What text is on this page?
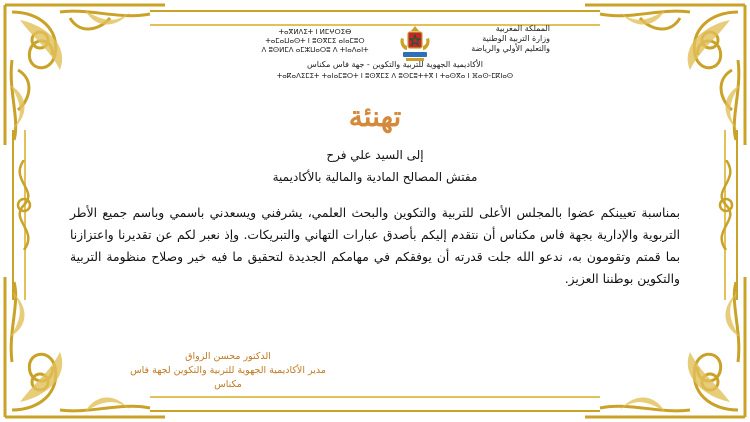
ⵜⴰⴳⵍⴷⵉⵜ ⵏ ⵍⵎⵖⵔⵉⴱ
ⵜⴰⵎⴰⵡⴰⵙⵜ ⵏ ⵓⵙⴳⵎⵉ ⴰⵏⴰⵎⵓⵔ
ⴷ ⵓⵙⵍⵎⴷ ⴰⵎⵣⵡⴰⵔⵓ ⴷ ⵜⵏⴰⴷⴰⵏⵜ
المملكة المغربية
وزارة التربية الوطنية
والتعليم الأولي والرياضة
الأكاديمية الجهوية للتربية والتكوين - جهة فاس مكناس
ⵜⴰⴽⴰⴷⵉⵎⵉⵜ ⵜⴰⵏⴰⵎⵓⵔⵜ ⵏ ⵓⵙⴳⵎⵉ ⴷ ⵓⵙⵎⵓⵜⵜⴳ ⵏ ⵜⴰⵙⴳⴰ ⵏ ⴼⴰⵙ-ⵎⴽⵏⴰⵙ
تهنئة
إلى السيد علي فرح
مفتش المصالح المادية والمالية بالأكاديمية
بمناسبة تعيينكم عضوا بالمجلس الأعلى للتربية والتكوين والبحث العلمي، يشرفني ويسعدني باسمي وباسم جميع الأطر التربوية والإدارية بجهة فاس مكناس أن نتقدم إليكم بأصدق عبارات التهاني والتبريكات. وإذ نعبر لكم عن تقديرنا واعتزازنا بما قمتم وتقومون به، ندعو الله جلت قدرته أن يوفقكم في مهامكم الجديدة لتحقيق ما فيه خير وصلاح منظومة التربية والتكوين بوطننا العزيز.
الدكتور محسن الزواق
مدير الأكاديمية الجهوية للتربية والتكوين لجهة فاس مكناس
